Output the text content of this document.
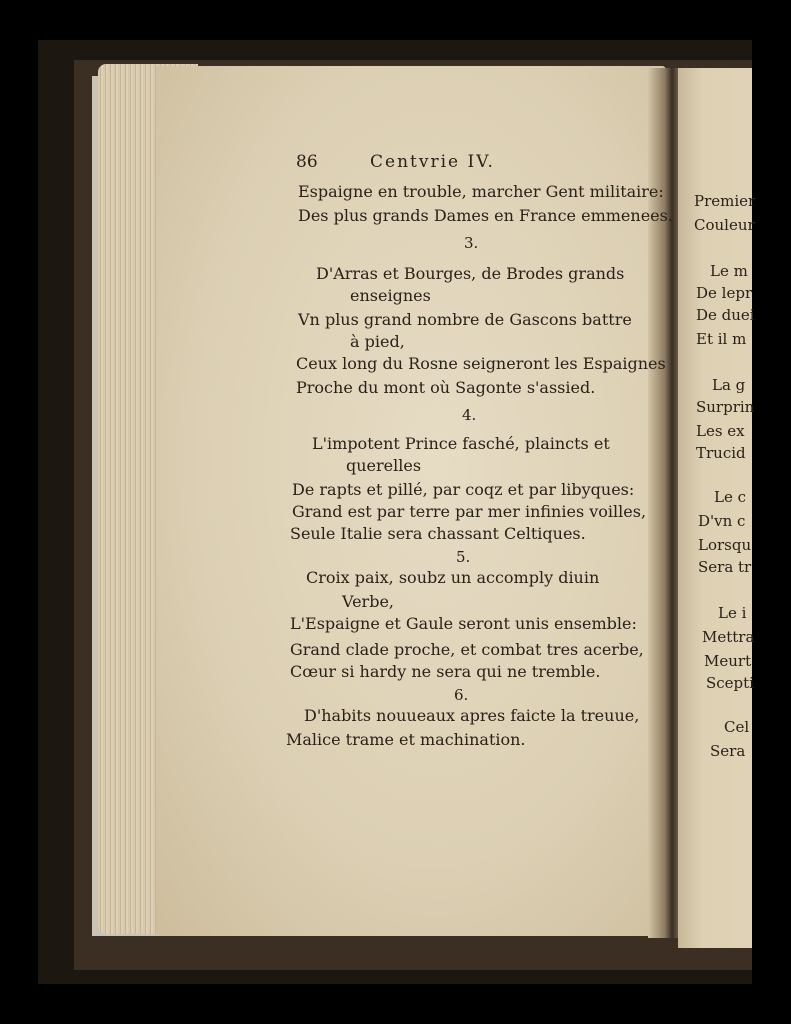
86	Centvrie IV.
Espaigne en trouble, marcher Gent militaire:
Des plus grands Dames en France emmenees.
3.
D'Arras et Bourges, de Brodes grands
enseignes
Vn plus grand nombre de Gascons battre
à pied,
Ceux long du Rosne seigneront les Espaignes
Proche du mont où Sagonte s'assied.
4.
L'impotent Prince fasché, plaincts et
querelles
De rapts et pillé, par coqz et par libyques:
Grand est par terre par mer infinies voilles,
Seule Italie sera chassant Celtiques.
5.
Croix paix, soubz un accomply diuin
Verbe,
L'Espaigne et Gaule seront unis ensemble:
Grand clade proche, et combat tres acerbe,
Cœur si hardy ne sera qui ne tremble.
6.
D'habits nouueaux apres faicte la treuue,
Malice trame et machination.
Premier
Couleur
Le m
De lepr
De duei
Et il m
La g
Surprin
Les ex
Trucid
Le c
D'vn c
Lorsqu
Sera tr
Le i
Mettra
Meurt
Scepti
Cel
Sera
